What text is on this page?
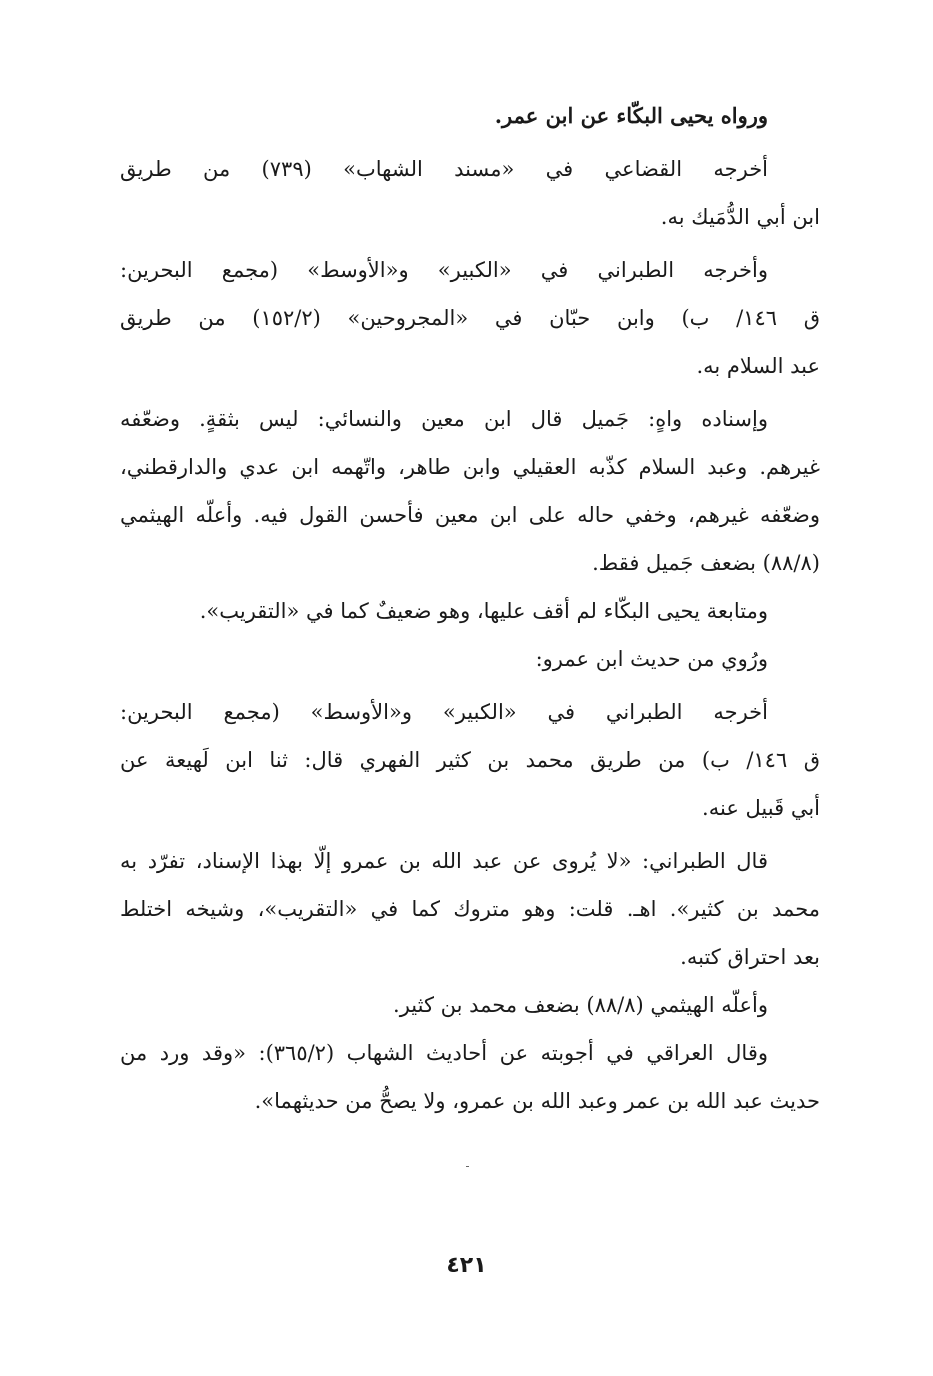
ورواه يحيى البكّاء عن ابن عمر.
أخرجه القضاعي في «مسند الشهاب» (٧٣٩) من طريق
ابن أبي الدُّمَيك به.
وأخرجه الطبراني في «الكبير» و«الأوسط» (مجمع البحرين:
ق ١٤٦/ ب) وابن حبّان في «المجروحين» (١٥٢/٢) من طريق
عبد السلام به.
وإسناده واهٍ: جَميل قال ابن معين والنسائي: ليس بثقةٍ. وضعّفه
غيرهم. وعبد السلام كذّبه العقيلي وابن طاهر، واتّهمه ابن عدي والدارقطني،
وضعّفه غيرهم، وخفي حاله على ابن معين فأحسن القول فيه. وأعلّه الهيثمي
(٨٨/٨) بضعف جَميل فقط.
ومتابعة يحيى البكّاء لم أقف عليها، وهو ضعيفٌ كما في «التقريب».
ورُوي من حديث ابن عمرو:
أخرجه الطبراني في «الكبير» و«الأوسط» (مجمع البحرين:
ق ١٤٦/ ب) من طريق محمد بن كثير الفهري قال: ثنا ابن لَهيعة عن
أبي قَبيل عنه.
قال الطبراني: «لا يُروى عن عبد الله بن عمرو إلّا بهذا الإسناد، تفرّد به
محمد بن كثير». اهـ. قلت: وهو متروك كما في «التقريب»، وشيخه اختلط
بعد احتراق كتبه.
وأعلّه الهيثمي (٨٨/٨) بضعف محمد بن كثير.
وقال العراقي في أجوبته عن أحاديث الشهاب (٣٦٥/٢): «وقد ورد من
حديث عبد الله بن عمر وعبد الله بن عمرو، ولا يصحُّ من حديثهما».
٤٢١
